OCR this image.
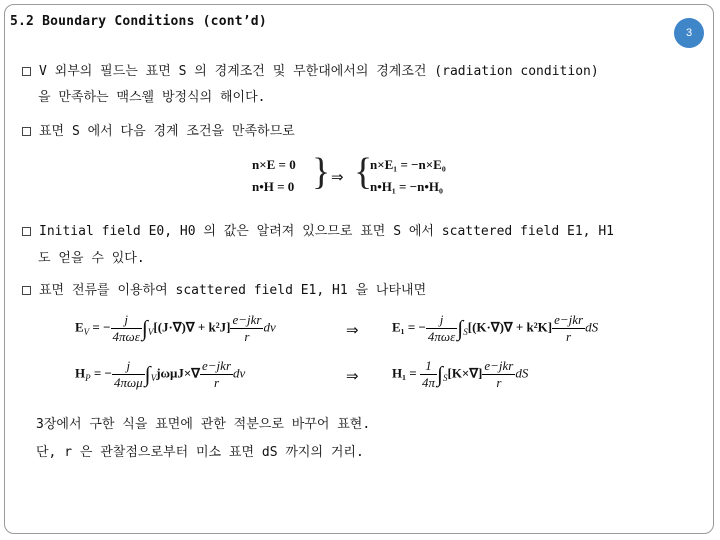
5.2 Boundary Conditions (cont’d)
3
V 외부의 필드는 표면 S 의 경계조건 및 무한대에서의 경계조건 (radiation condition)
을 만족하는 맥스웰 방정식의 해이다.
표면 S 에서 다음 경계 조건을 만족하므로
n×E = 0
n•H = 0 } ⇒ {
n×E₁ = −n×E₀
n•H₁ = −n•H₀
Initial field E0, H0 의 값은 알려져 있으므로 표면 S 에서 scattered field E1, H1
도 얻을 수 있다.
표면 전류를 이용하여 scattered field E1, H1 을 나타내면
$E_V$ = − $\frac{j}{\text{4πωε}} \int_V[(J\cdot\nabla)\nabla + k^2J] \frac{\text{e−jkr}}{r}$ dv	⇒	E₁ = − $\frac{j}{\text{4πωε}} \int_S[(K\cdot\nabla)\nabla + k^2K] \frac{\text{e−jkr}}{r}$ dS
$H_P$ = − $\frac{j}{\text{4πωμ}} \int_Vj\omega\mu J\times\nabla \frac{\text{e−jkr}}{r}$ dv	⇒	$H_1 = \frac{1}{4\pi} \int_S[K\times\nabla] \frac{\text{e−jkr}}{r}$ dS
3장에서 구한 식을 표면에 관한 적분으로 바꾸어 표현.
단, r 은 관찰점으로부터 미소 표면 dS 까지의 거리.
